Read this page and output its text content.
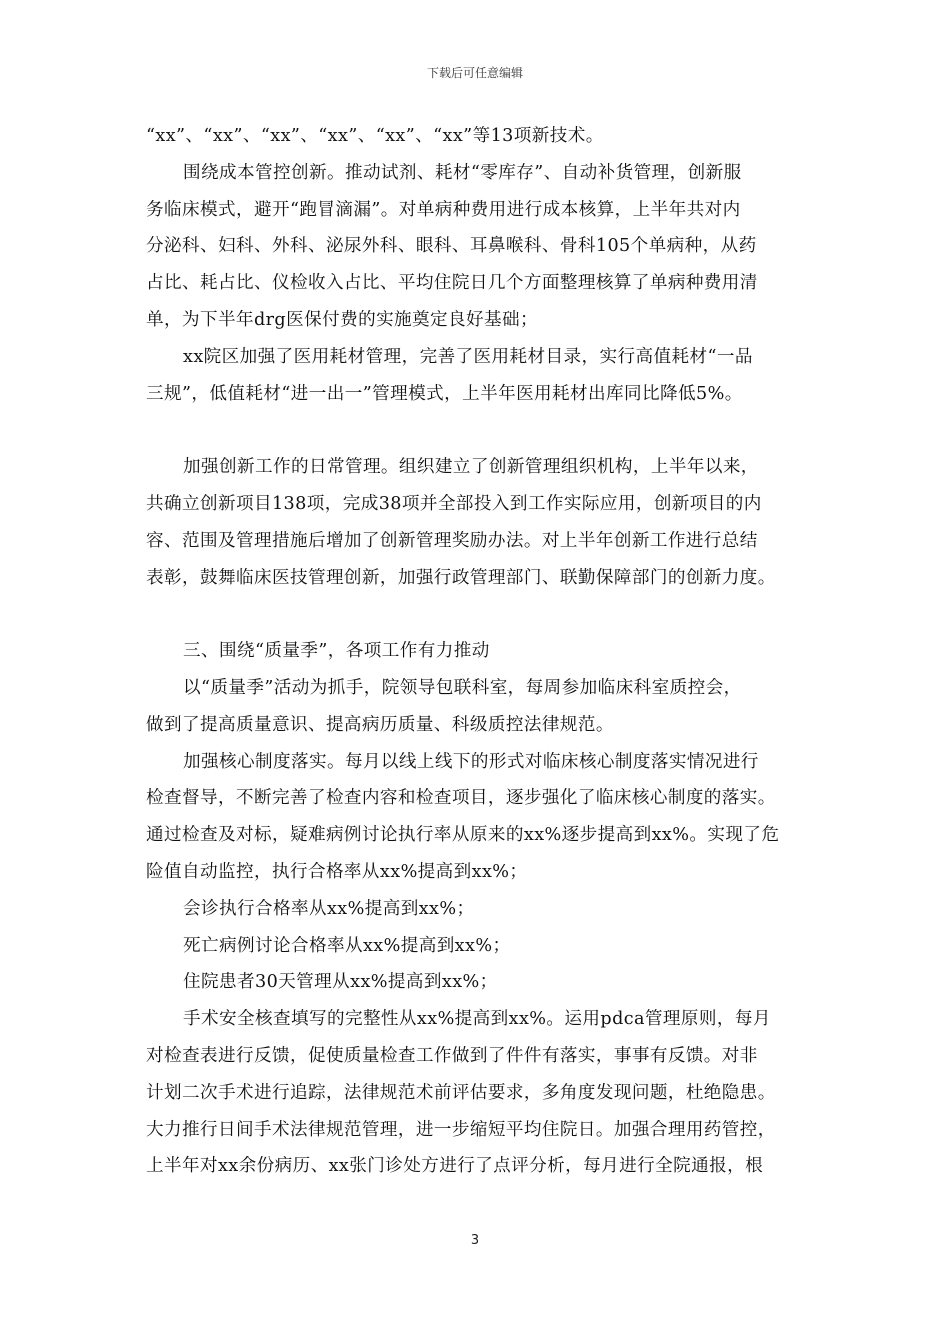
下载后可任意编辑
“xx”、“xx”、“xx”、“xx”、“xx”、“xx”等13项新技术。
围绕成本管控创新。推动试剂、耗材“零库存”、自动补货管理，创新服
务临床模式，避开“跑冒滴漏”。对单病种费用进行成本核算，上半年共对内
分泌科、妇科、外科、泌尿外科、眼科、耳鼻喉科、骨科105个单病种，从药
占比、耗占比、仪检收入占比、平均住院日几个方面整理核算了单病种费用清
单，为下半年drg医保付费的实施奠定良好基础；
xx院区加强了医用耗材管理，完善了医用耗材目录，实行高值耗材“一品
三规”，低值耗材“进一出一”管理模式，上半年医用耗材出库同比降低5%。
加强创新工作的日常管理。组织建立了创新管理组织机构，上半年以来，
共确立创新项目138项，完成38项并全部投入到工作实际应用，创新项目的内
容、范围及管理措施后增加了创新管理奖励办法。对上半年创新工作进行总结
表彰，鼓舞临床医技管理创新，加强行政管理部门、联勤保障部门的创新力度。
三、围绕“质量季”，各项工作有力推动
以“质量季”活动为抓手，院领导包联科室，每周参加临床科室质控会，
做到了提高质量意识、提高病历质量、科级质控法律规范。
加强核心制度落实。每月以线上线下的形式对临床核心制度落实情况进行
检查督导，不断完善了检查内容和检查项目，逐步强化了临床核心制度的落实。
通过检查及对标，疑难病例讨论执行率从原来的xx%逐步提高到xx%。实现了危
险值自动监控，执行合格率从xx%提高到xx%；
会诊执行合格率从xx%提高到xx%；
死亡病例讨论合格率从xx%提高到xx%；
住院患者30天管理从xx%提高到xx%；
手术安全核查填写的完整性从xx%提高到xx%。运用pdca管理原则，每月
对检查表进行反馈，促使质量检查工作做到了件件有落实，事事有反馈。对非
计划二次手术进行追踪，法律规范术前评估要求，多角度发现问题，杜绝隐患。
大力推行日间手术法律规范管理，进一步缩短平均住院日。加强合理用药管控，
上半年对xx余份病历、xx张门诊处方进行了点评分析，每月进行全院通报，根
3
